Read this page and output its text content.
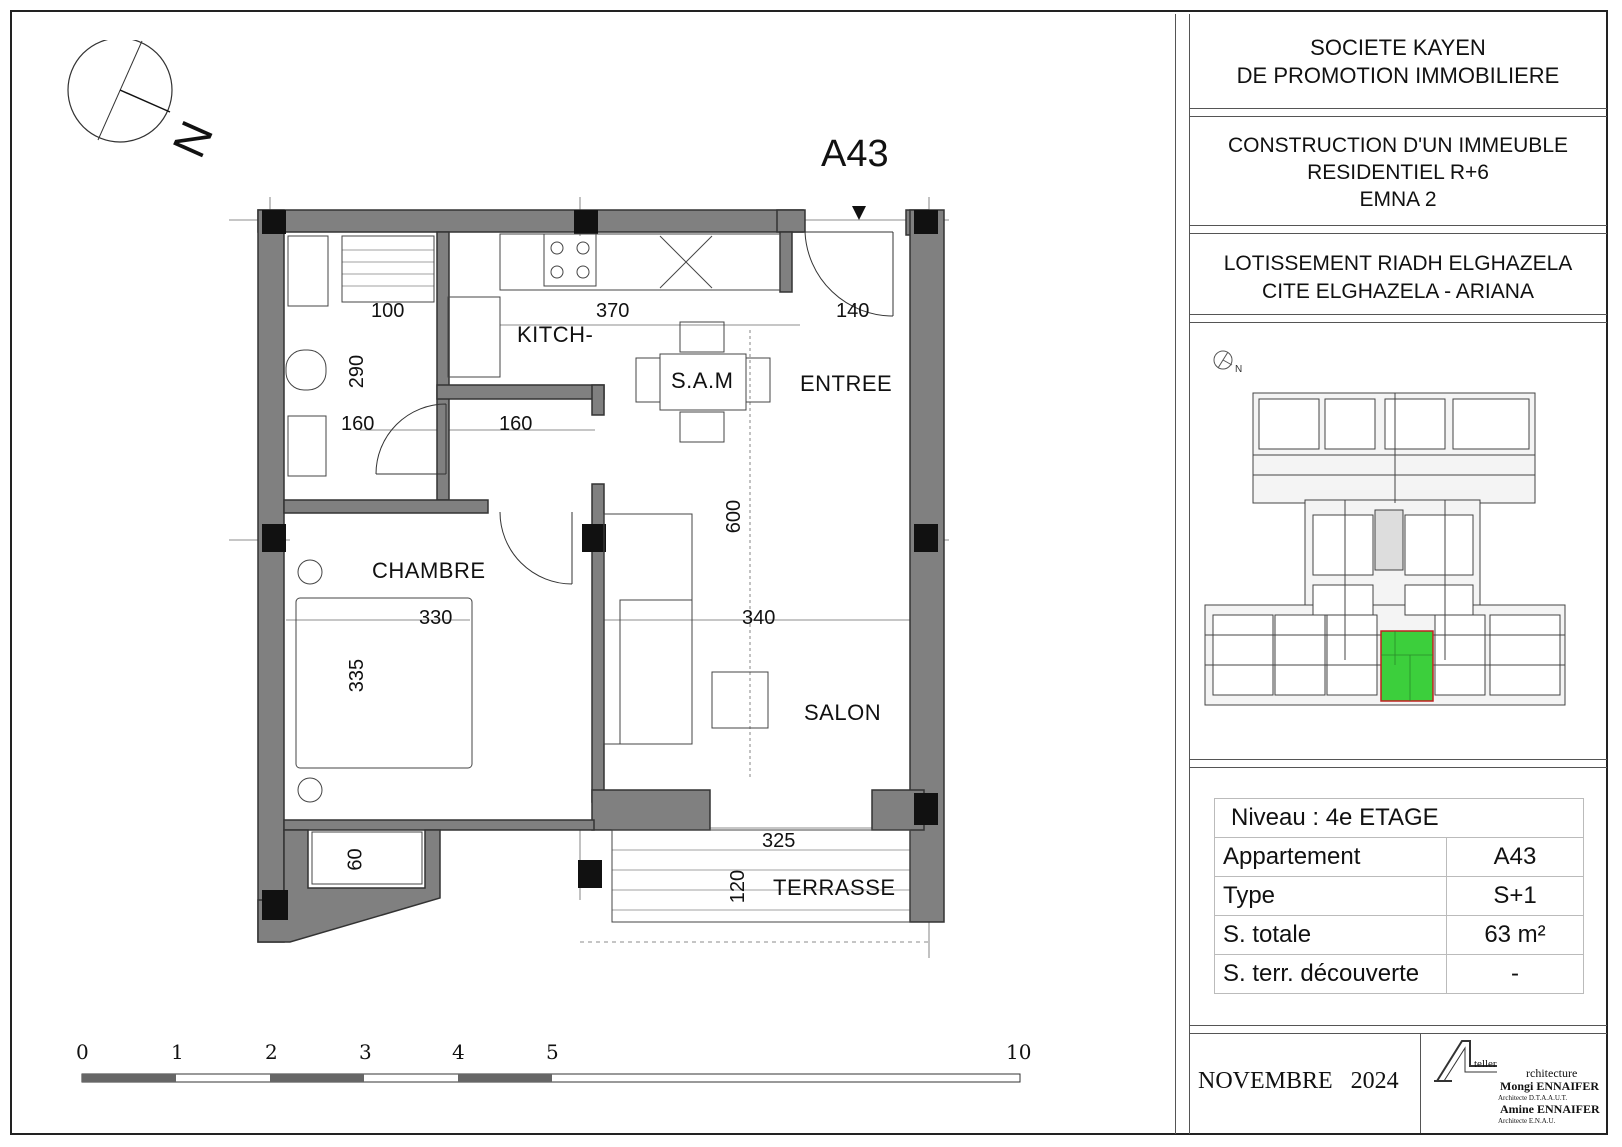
SOCIETE KAYEN
DE PROMOTION IMMOBILIERE
CONSTRUCTION D'UN IMMEUBLE
RESIDENTIEL R+6
EMNA 2
LOTISSEMENT RIADH ELGHAZELA
CITE ELGHAZELA - ARIANA
N
Niveau : 4e ETAGE	
Appartement	A43
Type	S+1
S. totale	63 m²
S. terr. découverte	-
NOVEMBRE   2024
teller
rchitecture
Mongi ENNAIFER
Architecte D.T.A.A.U.T.
Amine ENNAIFER
Architecte E.N.A.U.
N	A43
KITCH-
S.A.M	ENTREE
CHAMBRE
SALON
TERRASSE
100
290
370	140
160	160
600
330	340
335
325
120
60
0	1	2	3	4	5	10
